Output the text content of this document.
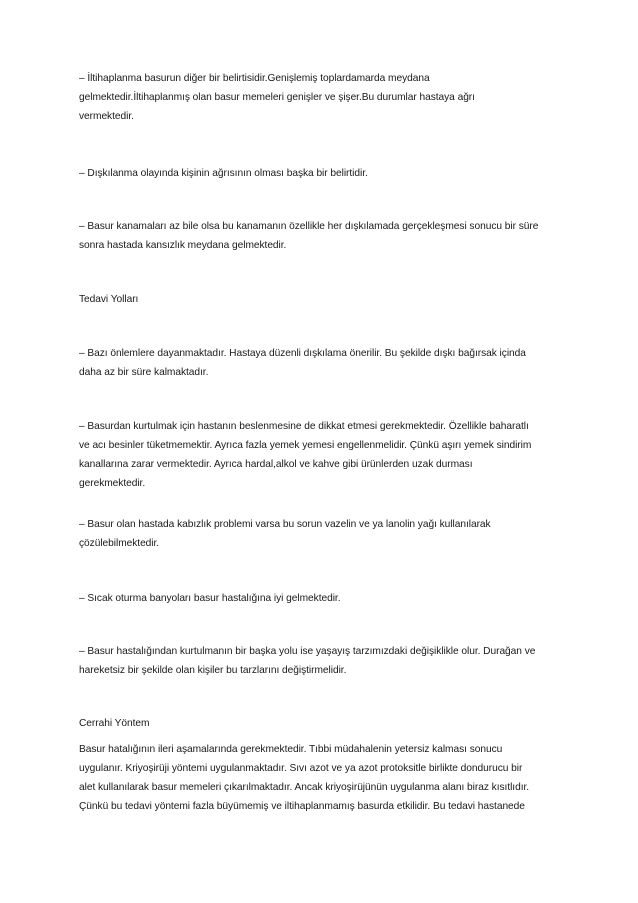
– İltihaplanma basurun diğer bir belirtisidir.Genişlemiş toplardamarda meydana
gelmektedir.İltihaplanmış olan basur memeleri genişler ve şişer.Bu durumlar hastaya ağrı
vermektedir.

– Dışkılanma olayında kişinin ağrısının olması başka bir belirtidir.

– Basur kanamaları az bile olsa bu kanamanın özellikle her dışkılamada gerçekleşmesi sonucu bir süre
sonra hastada kansızlık meydana gelmektedir.

Tedavi Yolları

– Bazı önlemlere dayanmaktadır. Hastaya düzenli dışkılama önerilir. Bu şekilde dışkı bağırsak içinda
daha az bir süre kalmaktadır.

– Basurdan kurtulmak için hastanın beslenmesine de dikkat etmesi gerekmektedir. Özellikle baharatlı
ve acı besinler tüketmemektir. Ayrıca fazla yemek yemesi engellenmelidir. Çünkü aşırı yemek sindirim
kanallarına zarar vermektedir. Ayrıca hardal,alkol ve kahve gibi ürünlerden uzak durması
gerekmektedir.

– Basur olan hastada kabızlık problemi varsa bu sorun vazelin ve ya lanolin yağı kullanılarak
çözülebilmektedir.

– Sıcak oturma banyoları basur hastalığına iyi gelmektedir.

– Basur hastalığından kurtulmanın bir başka yolu ise yaşayış tarzımızdaki değişiklikle olur. Durağan ve
hareketsiz bir şekilde olan kişiler bu tarzlarını değiştirmelidir.

Cerrahi Yöntem

Basur hatalığının ileri aşamalarında gerekmektedir. Tıbbi müdahalenin yetersiz kalması sonucu
uygulanır. Kriyoşirüji yöntemi uygulanmaktadır. Sıvı azot ve ya azot protoksitle birlikte dondurucu bir
alet kullanılarak basur memeleri çıkarılmaktadır. Ancak kriyoşirüjünün uygulanma alanı biraz kısıtlıdır.
Çünkü bu tedavi yöntemi fazla büyümemiş ve iltihaplanmamış basurda etkilidir. Bu tedavi hastanede
